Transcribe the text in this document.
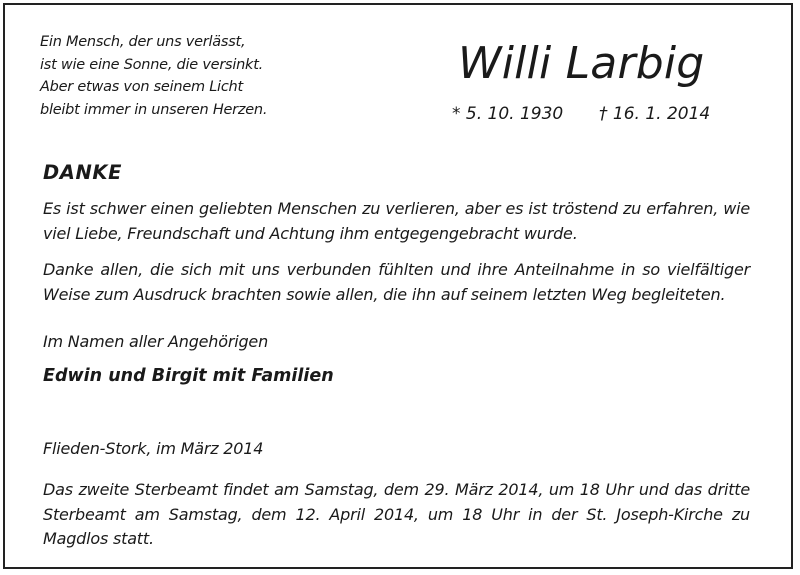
Ein Mensch, der uns verlässt,
ist wie eine Sonne, die versinkt.
Aber etwas von seinem Licht
bleibt immer in unseren Herzen.
Willi Larbig
* 5. 10. 1930 † 16. 1. 2014
DANKE

Es ist schwer einen geliebten Menschen zu verlieren, aber es ist tröstend zu erfahren, wie viel Liebe, Freundschaft und Achtung ihm entgegengebracht wurde.

Danke allen, die sich mit uns verbunden fühlten und ihre Anteilnahme in so vielfältiger Weise zum Ausdruck brachten sowie allen, die ihn auf seinem letzten Weg begleiteten.

Im Namen aller Angehörigen
Edwin und Birgit mit Familien
Flieden-Stork, im März 2014

Das zweite Sterbeamt findet am Samstag, dem 29. März 2014, um 18 Uhr und das dritte Sterbeamt am Samstag, dem 12. April 2014, um 18 Uhr in der St. Joseph-Kirche zu Magdlos statt.
